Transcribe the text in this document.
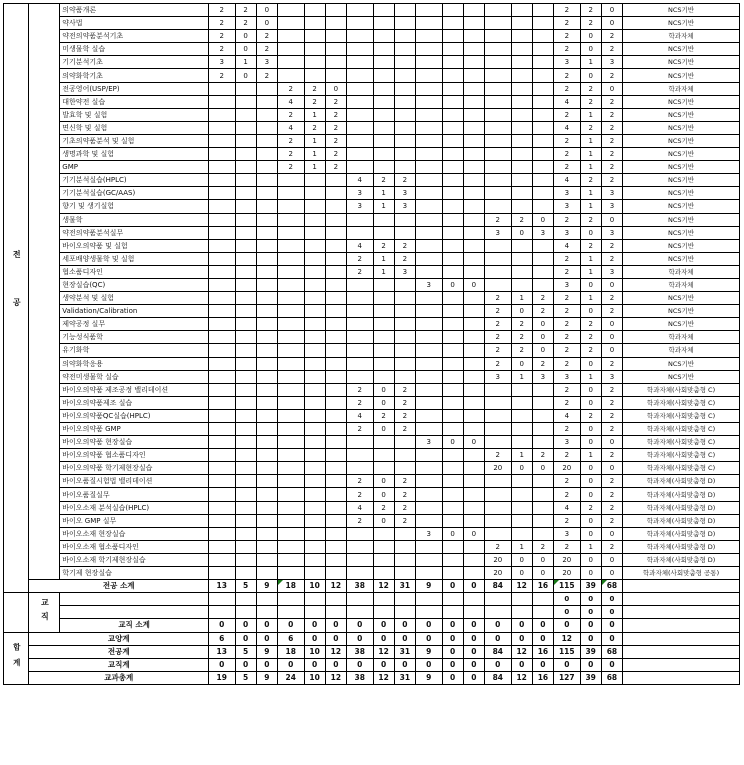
전공		의약품개론	2	2	0													2	2	0	NCS기반
		약사법	2	2	0													2	2	0	NCS기반
		약전의약품분석기초	2	0	2													2	0	2	학과자체
		미생물학 실습	2	0	2													2	0	2	NCS기반
		기기분석기초	3	1	3													3	1	3	NCS기반
		의약화학기초	2	0	2													2	0	2	NCS기반
		전공영어(USP/EP)				2	2	0										2	2	0	학과자체
		대한약전 실습				4	2	2										4	2	2	NCS기반
		발효학 및 실험				2	1	2										2	1	2	NCS기반
		면신학 및 실험				4	2	2										4	2	2	NCS기반
		기초의약품분석 및 실험				2	1	2										2	1	2	NCS기반
		생명과학 및 실험				2	1	2										2	1	2	NCS기반
		GMP				2	1	2										2	1	2	NCS기반
		기기분석실습(HPLC)							4	2	2							4	2	2	NCS기반
		기기분석실습(GC/AAS)							3	1	3							3	1	3	NCS기반
		향기 및 생기실험							3	1	3							3	1	3	NCS기반
		생물학													2	2	0	2	2	0	NCS기반
		약전의약품분석실무													3	0	3	3	0	3	NCS기반
		바이오의약품 및 실험							4	2	2							4	2	2	NCS기반
		세포배양생물학 및 실험							2	1	2							2	1	2	NCS기반
		협소품디자인							2	1	3							2	1	3	학과자체
		현장실습(QC)										3	0	0				3	0	0	학과자체
		생약분석 및 실험													2	1	2	2	1	2	NCS기반
		Validation/Calibration													2	0	2	2	0	2	NCS기반
		제약공정 실무													2	2	0	2	2	0	NCS기반
		기능성식품학													2	2	0	2	2	0	학과자체
		유기화학													2	2	0	2	2	0	학과자체
		의약화학응용													2	0	2	2	0	2	NCS기반
		약전미생물학 실습													3	1	3	3	1	3	NCS기반
		바이오의약품 제조공정 밸리데이션							2	0	2							2	0	2	학과자체(사회맞춤형 C)
		바이오의약품제조 실습							2	0	2							2	0	2	학과자체(사회맞춤형 C)
		바이오의약품QC실습(HPLC)							4	2	2							4	2	2	학과자체(사회맞춤형 C)
		바이오의약품 GMP							2	0	2							2	0	2	학과자체(사회맞춤형 C)
		바이오의약품 현장실습										3	0	0				3	0	0	학과자체(사회맞춤형 C)
		바이오의약품 협소품디자인													2	1	2	2	1	2	학과자체(사회맞춤형 C)
		바이오의약품 학기제현장실습													20	0	0	20	0	0	학과자체(사회맞춤형 C)
		바이오품질시험법 밸리데이션							2	0	2							2	0	2	학과자체(사회맞춤형 D)
		바이오품질실무							2	0	2							2	0	2	학과자체(사회맞춤형 D)
		바이오소재 분석실습(HPLC)							4	2	2							4	2	2	학과자체(사회맞춤형 D)
		바이오 GMP 실무							2	0	2							2	0	2	학과자체(사회맞춤형 D)
		바이오소재 현장실습										3	0	0				3	0	0	학과자체(사회맞춤형 D)
		바이오소재 협소품디자인													2	1	2	2	1	2	학과자체(사회맞춤형 D)
		바이오소재 학기제현장실습													20	0	0	20	0	0	학과자체(사회맞춤형 D)
		학기제 현장실습													20	0	0	20	0	0	학과자체(사회맞춤형 공통)
	전공 소계		13	5	9	18	10	12	38	12	31	9	0	0	84	12	16	115	39	68	
	교직																	0	0	0	
																		0	0	0	
		교직 소계	0	0	0	0	0	0	0	0	0	0	0	0	0	0	0	0	0	0	
합계	교양계		6	0	0	6	0	0	0	0	0	0	0	0	0	0	0	12	0	0	
	전공계		13	5	9	18	10	12	38	12	31	9	0	0	84	12	16	115	39	68	
	교직계		0	0	0	0	0	0	0	0	0	0	0	0	0	0	0	0	0	0	
	교과총계		19	5	9	24	10	12	38	12	31	9	0	0	84	12	16	127	39	68	
